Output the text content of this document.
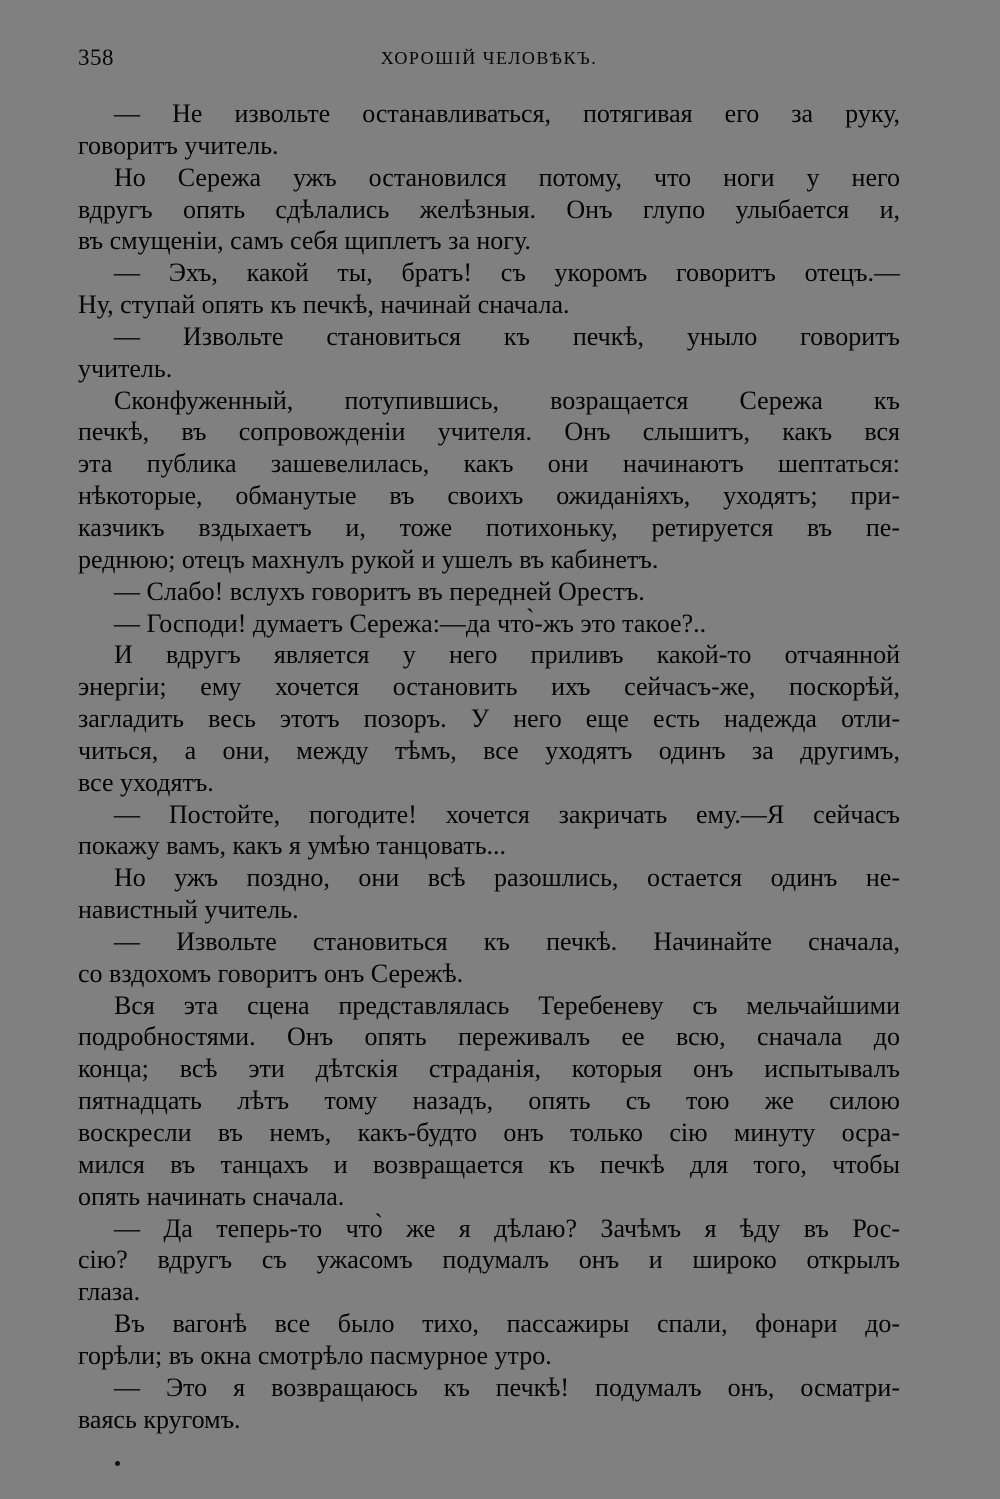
358	ХОРОШІЙ ЧЕЛОВѢКЪ.
— Не извольте останавливаться, потягивая его за руку,
говоритъ учитель.
Но Сережа ужъ остановился потому, что ноги у него
вдругъ опять сдѣлались желѣзныя. Онъ глупо улыбается и,
въ смущеніи, самъ себя щиплетъ за ногу.
— Эхъ, какой ты, братъ! съ укоромъ говоритъ отецъ.—
Ну, ступай опять къ печкѣ, начинай сначала.
— Извольте становиться къ печкѣ, уныло говоритъ
учитель.
Сконфуженный, потупившись, возращается Сережа къ
печкѣ, въ сопровожденіи учителя. Онъ слышитъ, какъ вся
эта публика зашевелилась, какъ они начинаютъ шептаться:
нѣкоторые, обманутые въ своихъ ожиданіяхъ, уходятъ; при-
казчикъ вздыхаетъ и, тоже потихоньку, ретируется въ пе-
реднюю; отецъ махнулъ рукой и ушелъ въ кабинетъ.
— Слабо! вслухъ говоритъ въ передней Орестъ.
— Господи! думаетъ Сережа:—да что̀-жъ это такое?..
И вдругъ является у него приливъ какой-то отчаянной
энергіи; ему хочется остановить ихъ сейчасъ-же, поскорѣй,
загладить весь этотъ позоръ. У него еще есть надежда отли-
читься, а они, между тѣмъ, все уходятъ одинъ за другимъ,
все уходятъ.
— Постойте, погодите! хочется закричать ему.—Я сейчасъ
покажу вамъ, какъ я умѣю танцовать...
Но ужъ поздно, они всѣ разошлись, остается одинъ не-
навистный учитель.
— Извольте становиться къ печкѣ. Начинайте сначала,
со вздохомъ говоритъ онъ Сережѣ.
Вся эта сцена представлялась Теребеневу съ мельчайшими
подробностями. Онъ опять переживалъ ее всю, сначала до
конца; всѣ эти дѣтскія страданія, которыя онъ испытывалъ
пятнадцать лѣтъ тому назадъ, опять съ тою же силою
воскресли въ немъ, какъ-будто онъ только сію минуту осра-
мился въ танцахъ и возвращается къ печкѣ для того, чтобы
опять начинать сначала.
— Да теперь-то что̀ же я дѣлаю? Зачѣмъ я ѣду въ Рос-
сію? вдругъ съ ужасомъ подумалъ онъ и широко открылъ
глаза.
Въ вагонѣ все было тихо, пассажиры спали, фонари до-
горѣли; въ окна смотрѣло пасмурное утро.
— Это я возвращаюсь къ печкѣ! подумалъ онъ, осматри-
ваясь кругомъ.
